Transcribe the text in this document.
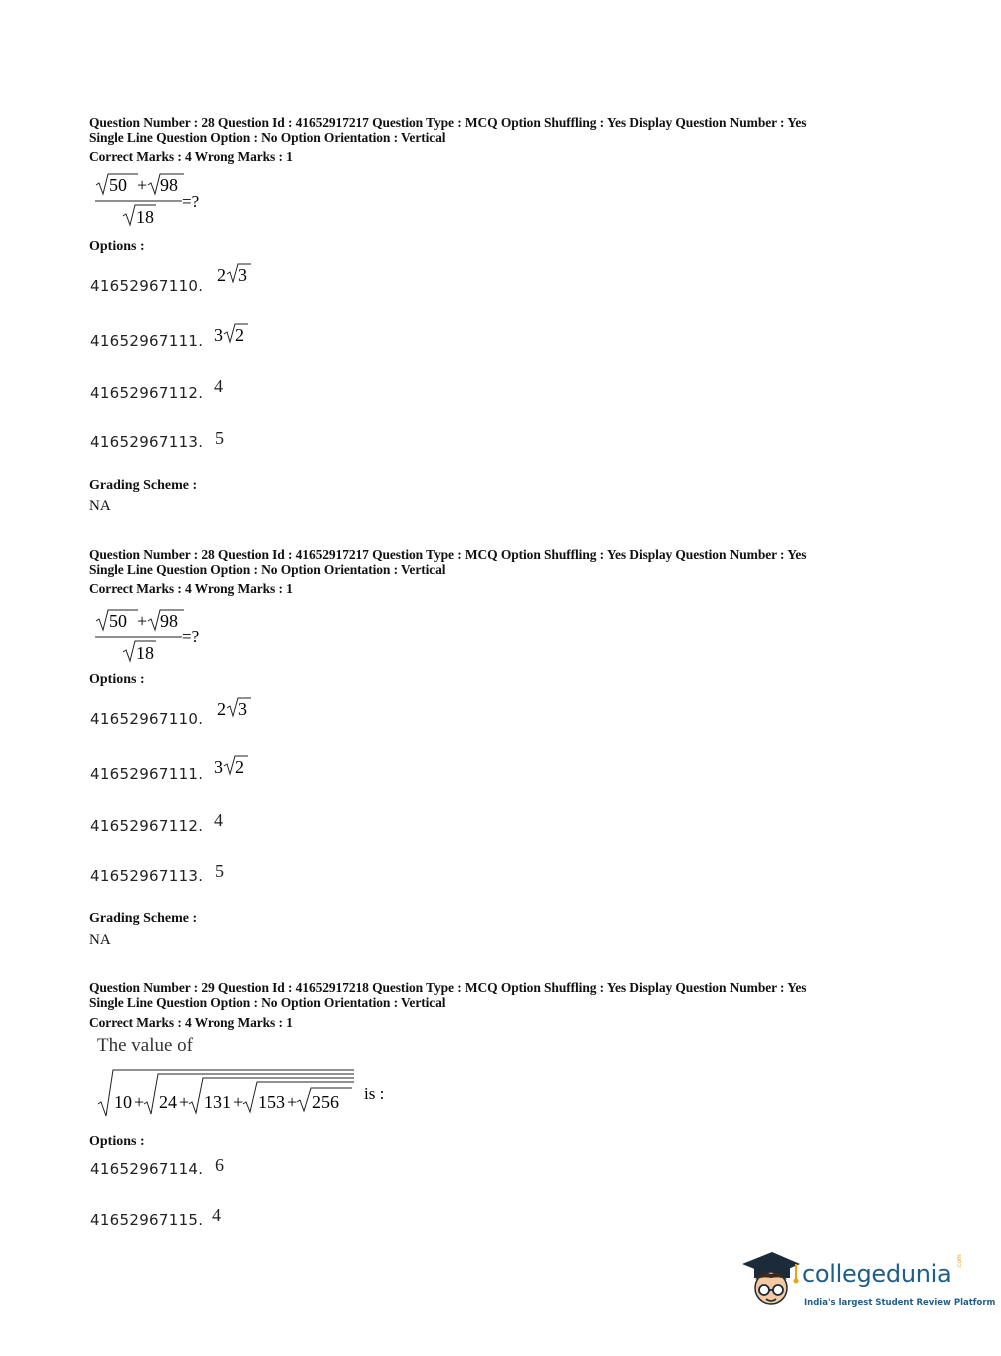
Question Number : 28 Question Id : 41652917217 Question Type : MCQ Option Shuffling : Yes Display Question Number : Yes
Single Line Question Option : No Option Orientation : Vertical
Correct Marks : 4 Wrong Marks : 1
50 + 98
=?
18
Options :
41652967110.
2 3
41652967111. 3 2
41652967112. 4
41652967113. 5
Grading Scheme :
NA
Question Number : 28 Question Id : 41652917217 Question Type : MCQ Option Shuffling : Yes Display Question Number : Yes
Single Line Question Option : No Option Orientation : Vertical
Correct Marks : 4 Wrong Marks : 1
50 + 98
=?
18
Options :
41652967110. 2 3
41652967111. 3 2
41652967112. 4
41652967113. 5
Grading Scheme :
NA
Question Number : 29 Question Id : 41652917218 Question Type : MCQ Option Shuffling : Yes Display Question Number : Yes
Single Line Question Option : No Option Orientation : Vertical
Correct Marks : 4 Wrong Marks : 1
The value of
10 + 24 + 131 + 153 + 256 is :
Options :
41652967114. 6
41652967115. 4
collegedunia .com
India's largest Student Review Platform
